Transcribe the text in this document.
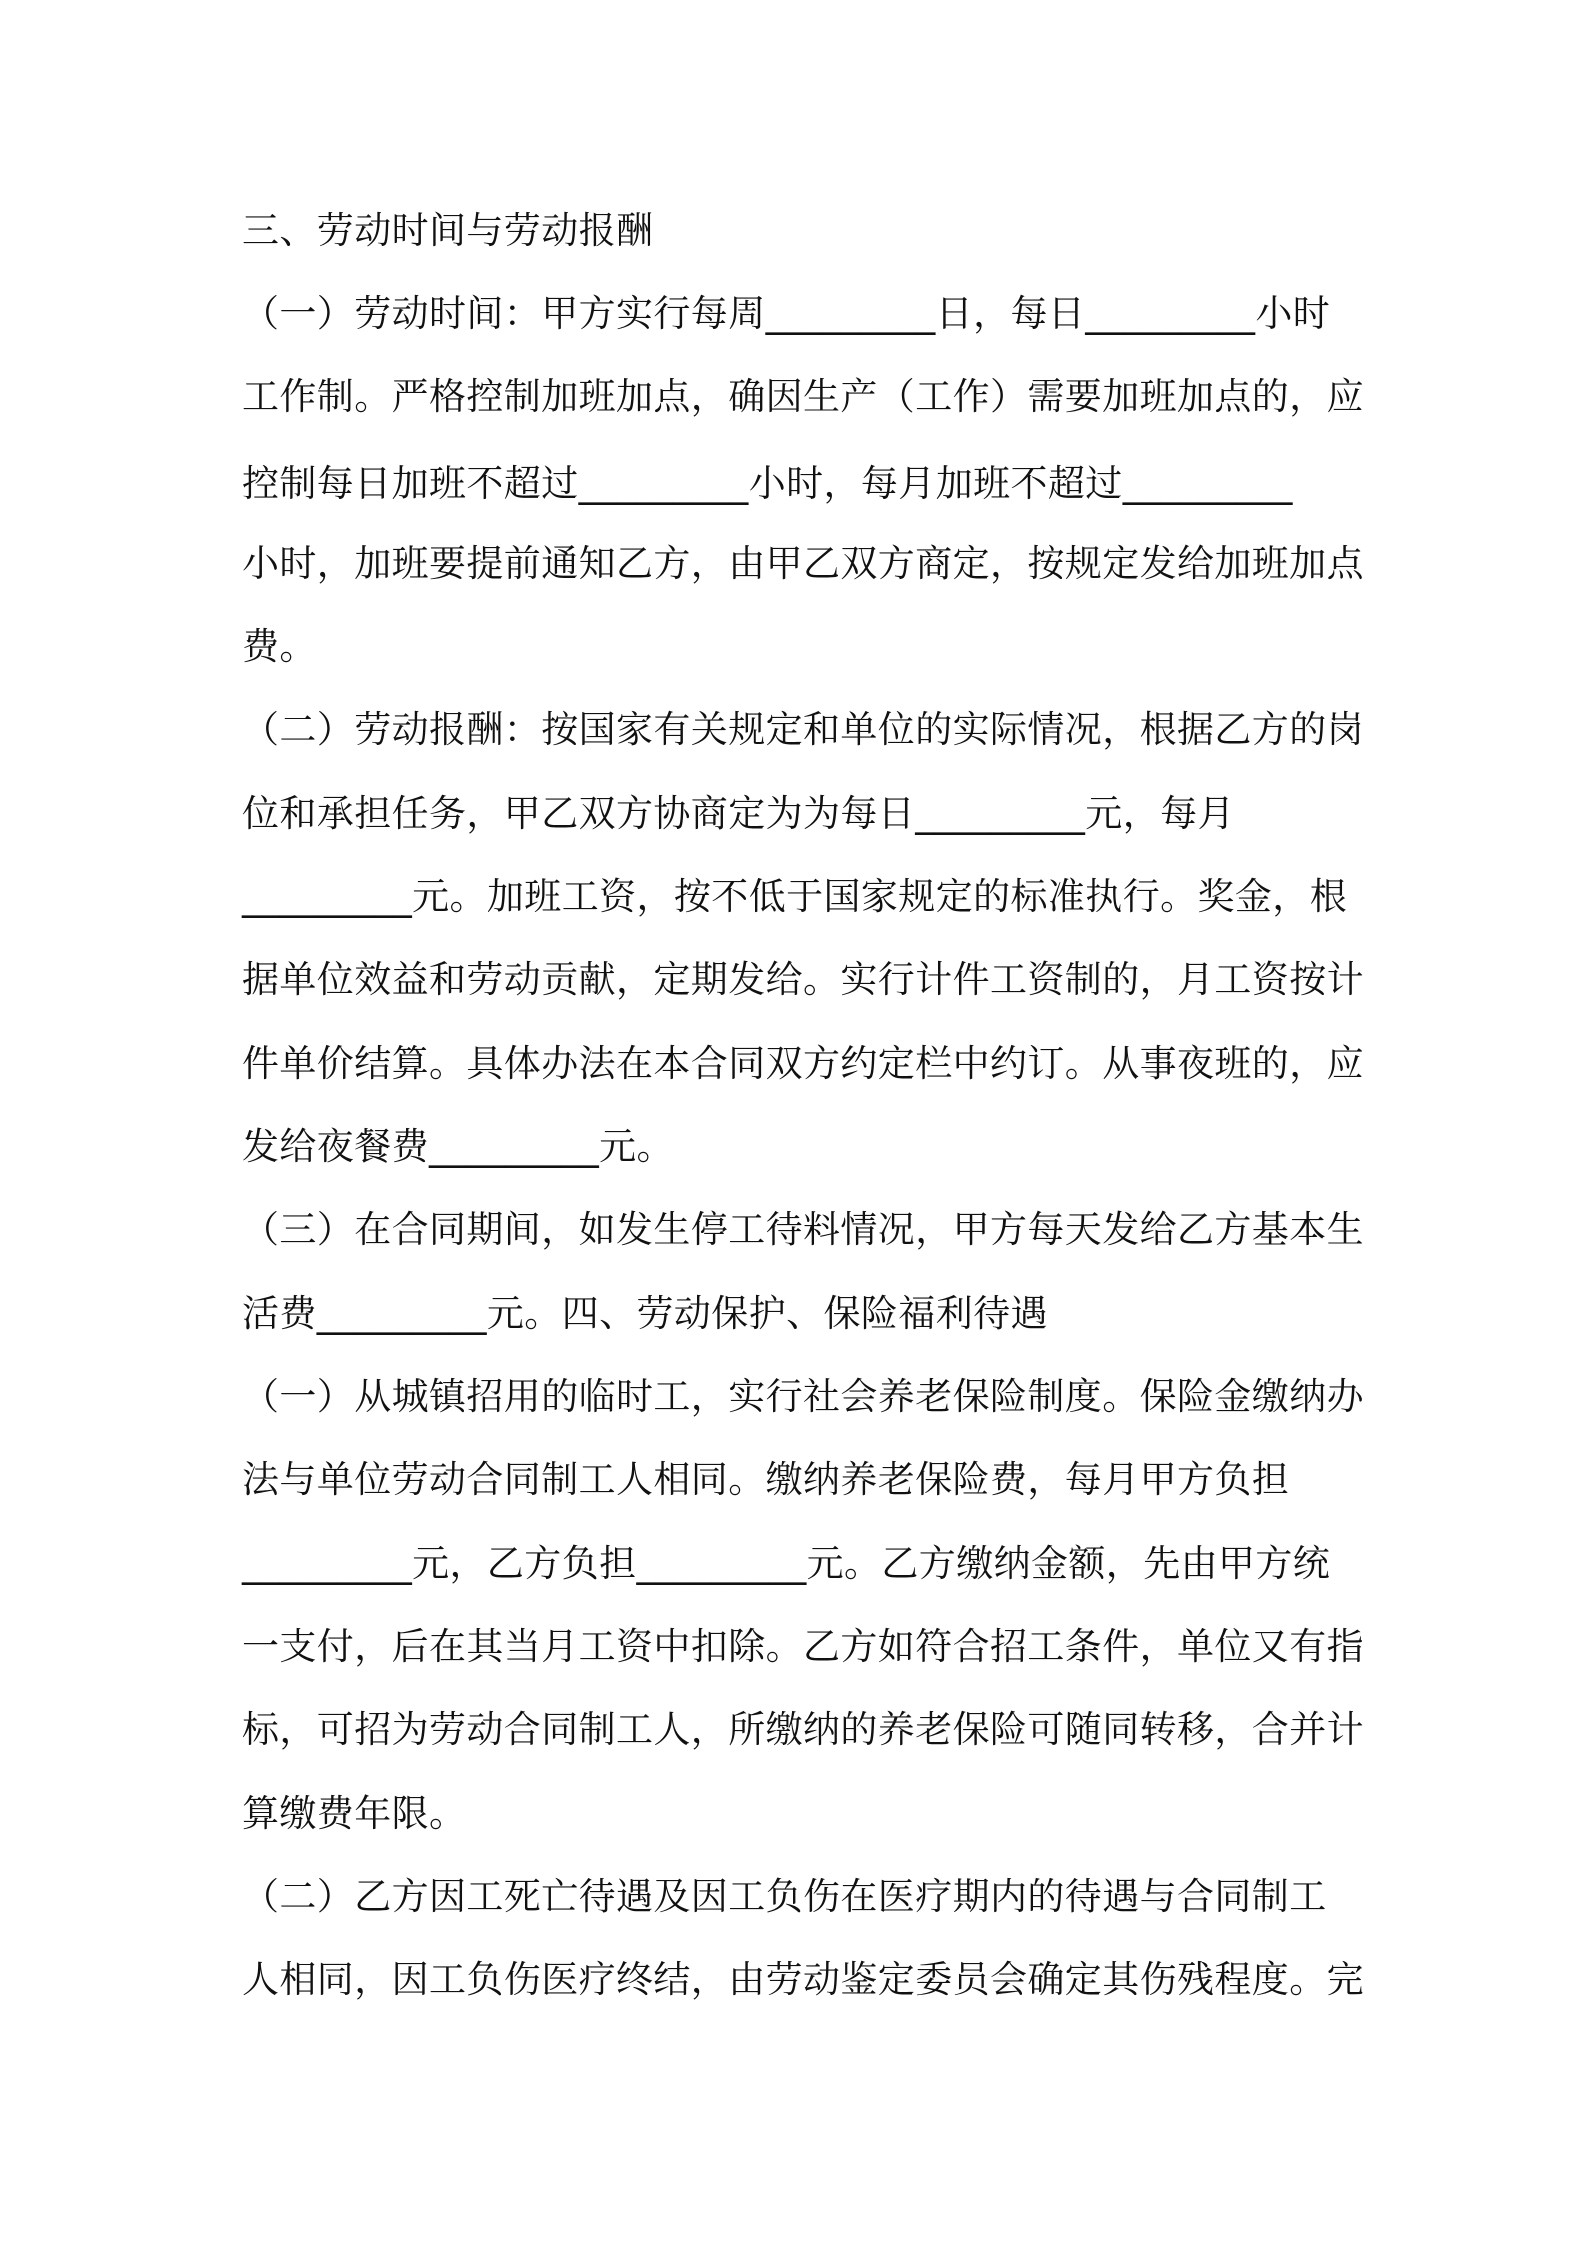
三、劳动时间与劳动报酬
（一）劳动时间：甲方实行每周_________日，每日_________小时
工作制。严格控制加班加点，确因生产（工作）需要加班加点的，应
控制每日加班不超过_________小时，每月加班不超过_________
小时，加班要提前通知乙方，由甲乙双方商定，按规定发给加班加点
费。
（二）劳动报酬：按国家有关规定和单位的实际情况，根据乙方的岗
位和承担任务，甲乙双方协商定为为每日_________元，每月
_________元。加班工资，按不低于国家规定的标准执行。奖金，根
据单位效益和劳动贡献，定期发给。实行计件工资制的，月工资按计
件单价结算。具体办法在本合同双方约定栏中约订。从事夜班的，应
发给夜餐费_________元。
（三）在合同期间，如发生停工待料情况，甲方每天发给乙方基本生
活费_________元。四、劳动保护、保险福利待遇
（一）从城镇招用的临时工，实行社会养老保险制度。保险金缴纳办
法与单位劳动合同制工人相同。缴纳养老保险费，每月甲方负担
_________元，乙方负担_________元。乙方缴纳金额，先由甲方统
一支付，后在其当月工资中扣除。乙方如符合招工条件，单位又有指
标，可招为劳动合同制工人，所缴纳的养老保险可随同转移，合并计
算缴费年限。
（二）乙方因工死亡待遇及因工负伤在医疗期内的待遇与合同制工
人相同，因工负伤医疗终结，由劳动鉴定委员会确定其伤残程度。完
